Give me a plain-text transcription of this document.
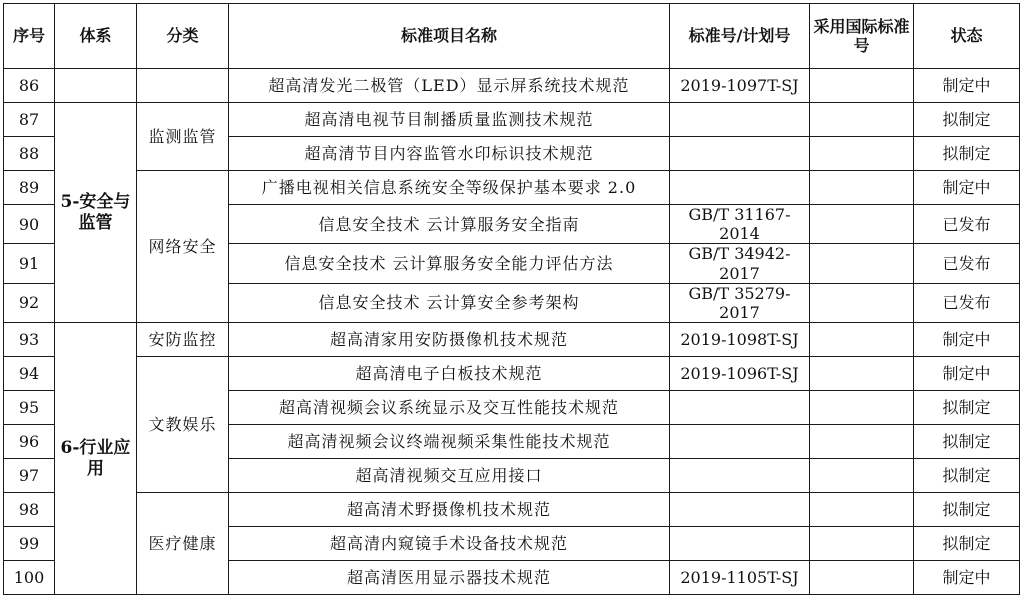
序号	体系	分类	标准项目名称	标准号/计划号	采用国际标准号	状态
86			超高清发光二极管（LED）显示屏系统技术规范	2019-1097T-SJ		制定中
87	5-安全与监管	监测监管	超高清电视节目制播质量监测技术规范			拟制定
88			超高清节目内容监管水印标识技术规范			拟制定
89		网络安全	广播电视相关信息系统安全等级保护基本要求 2.0			制定中
90			信息安全技术 云计算服务安全指南	GB/T 31167-2014		已发布
91			信息安全技术 云计算服务安全能力评估方法	GB/T 34942-2017		已发布
92			信息安全技术 云计算安全参考架构	GB/T 35279-2017		已发布
93	6-行业应用	安防监控	超高清家用安防摄像机技术规范	2019-1098T-SJ		制定中
94		文教娱乐	超高清电子白板技术规范	2019-1096T-SJ		制定中
95			超高清视频会议系统显示及交互性能技术规范			拟制定
96			超高清视频会议终端视频采集性能技术规范			拟制定
97			超高清视频交互应用接口			拟制定
98		医疗健康	超高清术野摄像机技术规范			拟制定
99			超高清内窥镜手术设备技术规范			拟制定
100			超高清医用显示器技术规范	2019-1105T-SJ		制定中
